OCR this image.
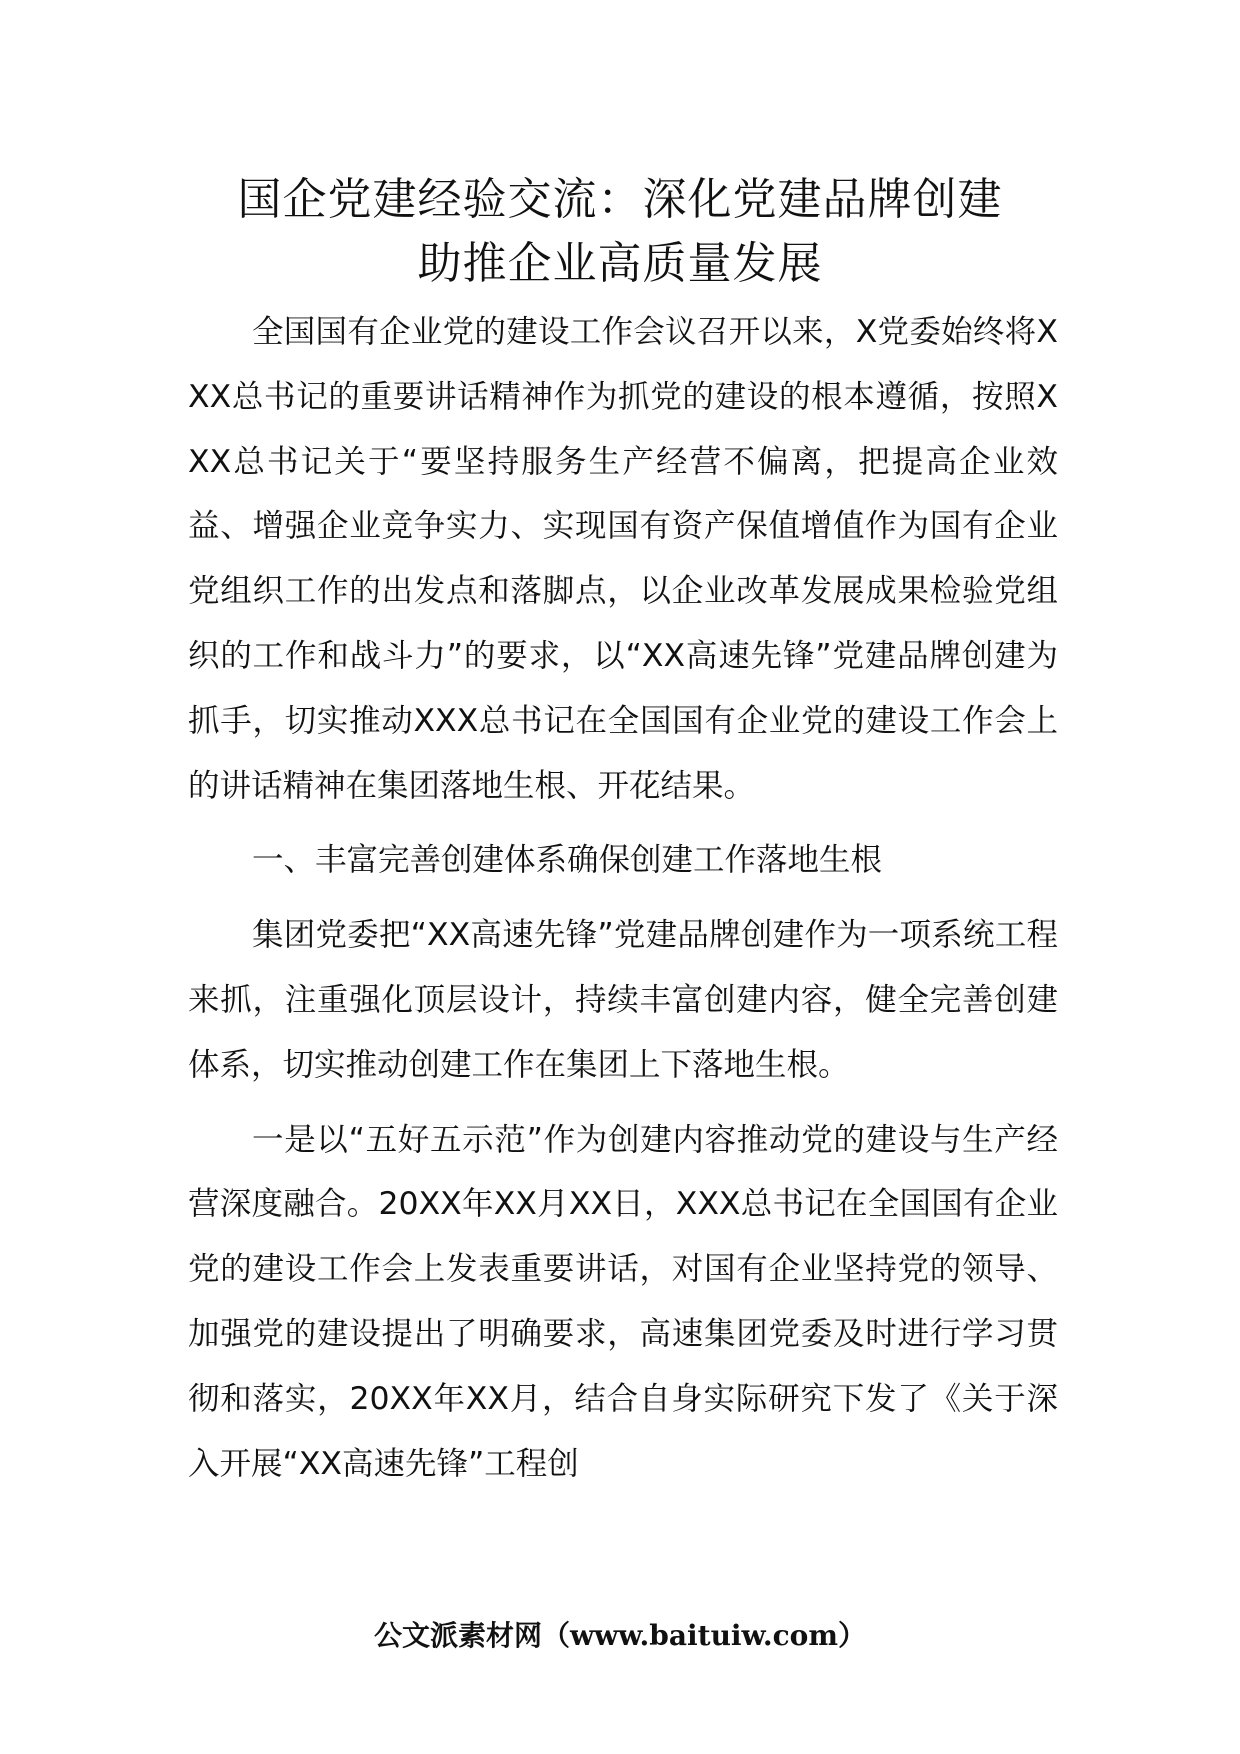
国企党建经验交流：深化党建品牌创建
助推企业高质量发展

全国国有企业党的建设工作会议召开以来，X党委始终将XXX总书记的重要讲话精神作为抓党的建设的根本遵循，按照XXX总书记关于“要坚持服务生产经营不偏离，把提高企业效益、增强企业竞争实力、实现国有资产保值增值作为国有企业党组织工作的出发点和落脚点，以企业改革发展成果检验党组织的工作和战斗力”的要求，以“XX高速先锋”党建品牌创建为抓手，切实推动XXX总书记在全国国有企业党的建设工作会上的讲话精神在集团落地生根、开花结果。

一、丰富完善创建体系确保创建工作落地生根

集团党委把“XX高速先锋”党建品牌创建作为一项系统工程来抓，注重强化顶层设计，持续丰富创建内容，健全完善创建体系，切实推动创建工作在集团上下落地生根。

一是以“五好五示范”作为创建内容推动党的建设与生产经营深度融合。20XX年XX月XX日，XXX总书记在全国国有企业党的建设工作会上发表重要讲话，对国有企业坚持党的领导、加强党的建设提出了明确要求，高速集团党委及时进行学习贯彻和落实，20XX年XX月，结合自身实际研究下发了《关于深入开展“XX高速先锋”工程创

公文派素材网（www.baituiw.com）
